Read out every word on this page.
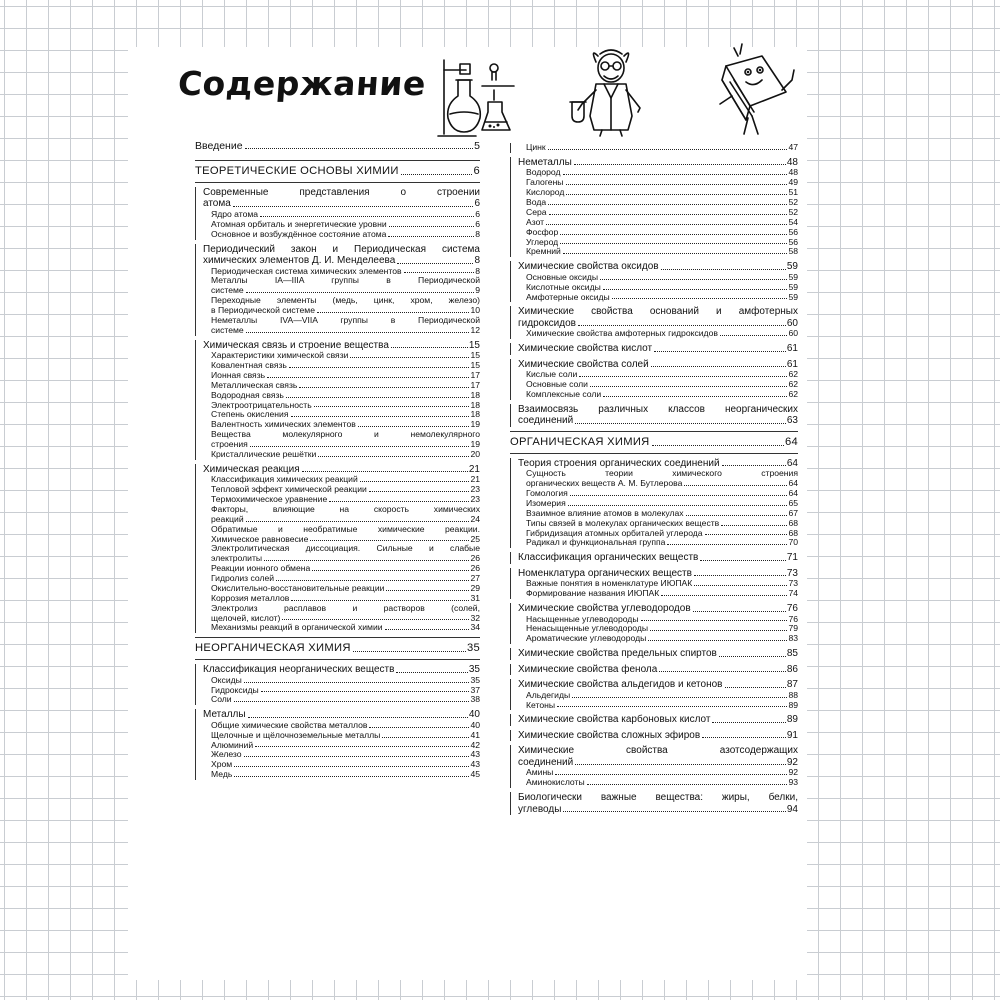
Содержание
Введение	5
ТЕОРЕТИЧЕСКИЕ ОСНОВЫ ХИМИИ	6
Современные представления о строении
атома	6
Ядро атома	6
Атомная орбиталь и энергетические уровни	6
Основное и возбуждённое состояние атома	8
Периодический закон и Периодическая система
химических элементов Д. И. Менделеева	8
Периодическая система химических элементов	8
Металлы IA—IIIA группы в Периодической
системе	9
Переходные элементы (медь, цинк, хром, железо)
в Периодической системе	10
Неметаллы IVA—VIIA группы в Периодической
системе	12
Химическая связь и строение вещества	15
Характеристики химической связи	15
Ковалентная связь	15
Ионная связь	17
Металлическая связь	17
Водородная связь	18
Электроотрицательность	18
Степень окисления	18
Валентность химических элементов	19
Вещества молекулярного и немолекулярного
строения	19
Кристаллические решётки	20
Химическая реакция	21
Классификация химических реакций	21
Тепловой эффект химической реакции	23
Термохимическое уравнение	23
Факторы, влияющие на скорость химических
реакций	24
Обратимые и необратимые химические реакции.
Химическое равновесие	25
Электролитическая диссоциация. Сильные и слабые
электролиты	26
Реакции ионного обмена	26
Гидролиз солей	27
Окислительно-восстановительные реакции	29
Коррозия металлов	31
Электролиз расплавов и растворов (солей,
щелочей, кислот)	32
Механизмы реакций в органической химии	34
НЕОРГАНИЧЕСКАЯ ХИМИЯ	35
Классификация неорганических веществ	35
Оксиды	35
Гидроксиды	37
Соли	38
Металлы	40
Общие химические свойства металлов	40
Щелочные и щёлочноземельные металлы	41
Алюминий	42
Железо	43
Хром	43
Медь	45
Цинк	47
Неметаллы	48
Водород	48
Галогены	49
Кислород	51
Вода	52
Сера	52
Азот	54
Фосфор	56
Углерод	56
Кремний	58
Химические свойства оксидов	59
Основные оксиды	59
Кислотные оксиды	59
Амфотерные оксиды	59
Химические свойства оснований и амфотерных
гидроксидов	60
Химические свойства амфотерных гидроксидов	60
Химические свойства кислот	61
Химические свойства солей	61
Кислые соли	62
Основные соли	62
Комплексные соли	62
Взаимосвязь различных классов неорганических
соединений	63
ОРГАНИЧЕСКАЯ ХИМИЯ	64
Теория строения органических соединений	64
Сущность теории химического строения
органических веществ А. М. Бутлерова	64
Гомология	64
Изомерия	65
Взаимное влияние атомов в молекулах	67
Типы связей в молекулах органических веществ	68
Гибридизация атомных орбиталей углерода	68
Радикал и функциональная группа	70
Классификация органических веществ	71
Номенклатура органических веществ	73
Важные понятия в номенклатуре ИЮПАК	73
Формирование названия ИЮПАК	74
Химические свойства углеводородов	76
Насыщенные углеводороды	76
Ненасыщенные углеводороды	79
Ароматические углеводороды	83
Химические свойства предельных спиртов	85
Химические свойства фенола	86
Химические свойства альдегидов и кетонов	87
Альдегиды	88
Кетоны	89
Химические свойства карбоновых кислот	89
Химические свойства сложных эфиров	91
Химические свойства азотсодержащих
соединений	92
Амины	92
Аминокислоты	93
Биологически важные вещества: жиры, белки,
углеводы	94
